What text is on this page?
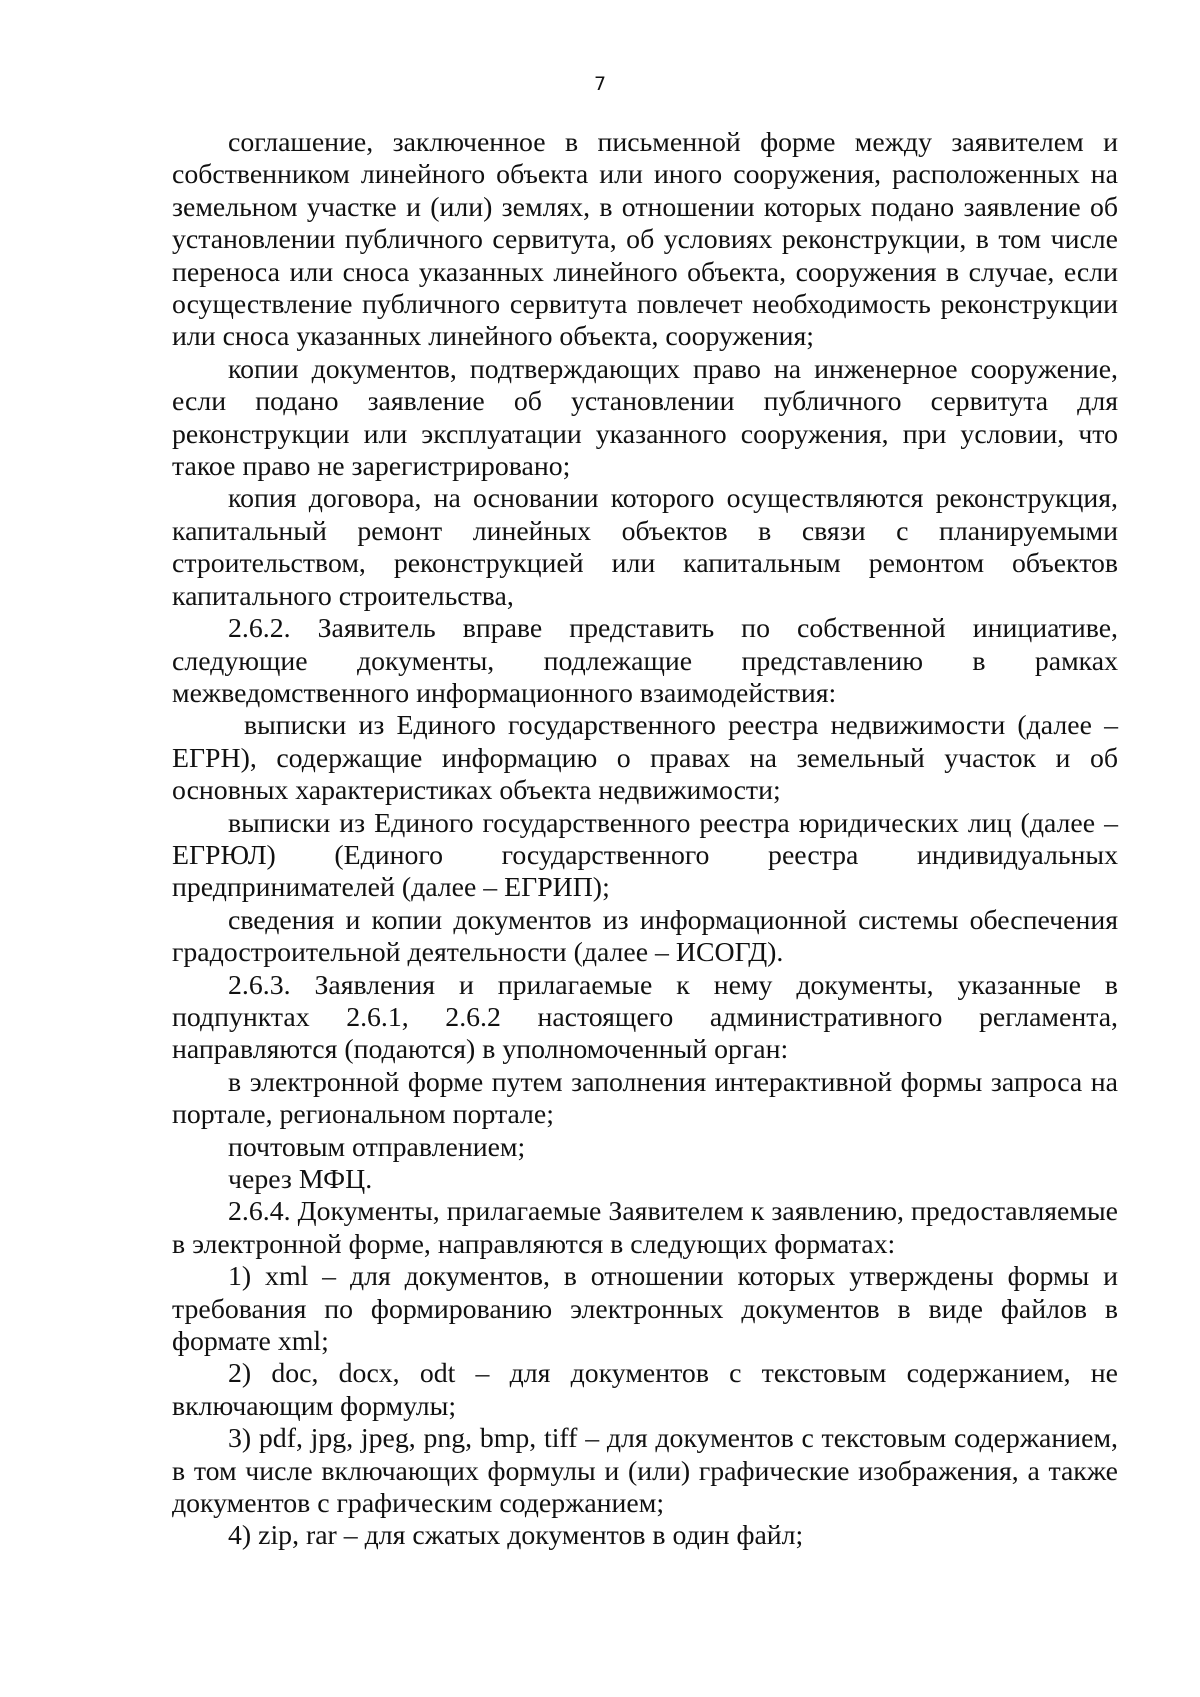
7

соглашение, заключенное в письменной форме между заявителем и собственником линейного объекта или иного сооружения, расположенных на земельном участке и (или) землях, в отношении которых подано заявление об установлении публичного сервитута, об условиях реконструкции, в том числе переноса или сноса указанных линейного объекта, сооружения в случае, если осуществление публичного сервитута повлечет необходимость реконструкции или сноса указанных линейного объекта, сооружения;

копии документов, подтверждающих право на инженерное сооружение, если подано заявление об установлении публичного сервитута для реконструкции или эксплуатации указанного сооружения, при условии, что такое право не зарегистрировано;

копия договора, на основании которого осуществляются реконструкция, капитальный ремонт линейных объектов в связи с планируемыми строительством, реконструкцией или капитальным ремонтом объектов капитального строительства,

2.6.2. Заявитель вправе представить по собственной инициативе, следующие документы, подлежащие представлению в рамках межведомственного информационного взаимодействия:

выписки из Единого государственного реестра недвижимости (далее – ЕГРН), содержащие информацию о правах на земельный участок и об основных характеристиках объекта недвижимости;

выписки из Единого государственного реестра юридических лиц (далее – ЕГРЮЛ) (Единого государственного реестра индивидуальных предпринимателей (далее – ЕГРИП);

сведения и копии документов из информационной системы обеспечения градостроительной деятельности (далее – ИСОГД).

2.6.3. Заявления и прилагаемые к нему документы, указанные в подпунктах 2.6.1, 2.6.2 настоящего административного регламента, направляются (подаются) в уполномоченный орган:

в электронной форме путем заполнения интерактивной формы запроса на портале, региональном портале;

почтовым отправлением;

через МФЦ.

2.6.4. Документы, прилагаемые Заявителем к заявлению, предоставляемые в электронной форме, направляются в следующих форматах:

1) xml – для документов, в отношении которых утверждены формы и требования по формированию электронных документов в виде файлов в формате xml;

2) doc, docx, odt – для документов с текстовым содержанием, не включающим формулы;

3) pdf, jpg, jpeg, png, bmp, tiff – для документов с текстовым содержанием, в том числе включающих формулы и (или) графические изображения, а также документов с графическим содержанием;

4) zip, rar – для сжатых документов в один файл;
